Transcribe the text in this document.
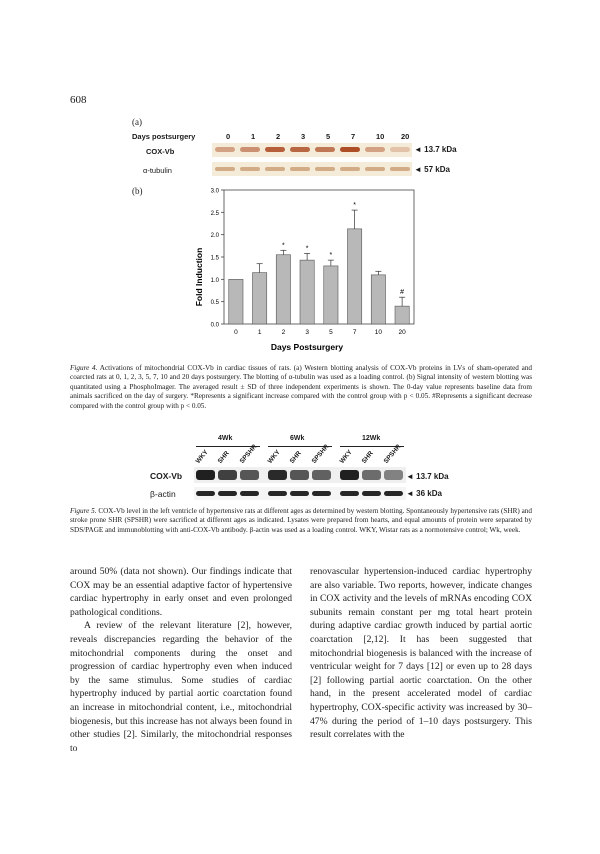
608
(a)
Days postsurgery	0	1	2	3	5	7	10 20
COX-Vb
α-tubulin
◄ 13.7 kDa
◄ 57 kDa
(b)
Fold Induction
Days Postsurgery
0.0
0.5
1.0
1.5
2.0
2.5
3.0
0	1
*
2
*
3
*
5
*
7	10
#
20
Figure 4. Activations of mitochondrial COX-Vb in cardiac tissues of rats. (a) Western blotting analysis of COX-Vb proteins in LVs of sham-operated and coarcted rats at 0, 1, 2, 3, 5, 7, 10 and 20 days postsurgery. The blotting of α-tubulin was used as a loading control. (b) Signal intensity of western blotting was quantitated using a PhosphoImager. The averaged result ± SD of three independent experiments is shown. The 0-day value represents baseline data from animals sacrificed on the day of surgery. *Represents a significant increase compared with the control group with p < 0.05. #Represents a significant decrease compared with the control group with p < 0.05.
4Wk	6Wk	12Wk
WKY SHR SPSHR WKY SHR SPSHR WKY SHR SPSHR
COX-Vb
β-actin
◄ 13.7 kDa
◄ 36 kDa
Figure 5. COX-Vb level in the left ventricle of hypertensive rats at different ages as determined by western blotting. Spontaneously hypertensive rats (SHR) and stroke prone SHR (SPSHR) were sacrificed at different ages as indicated. Lysates were prepared from hearts, and equal amounts of protein were separated by SDS/PAGE and immunoblotting with anti-COX-Vb antibody. β-actin was used as a loading control. WKY, Wistar rats as a normotensive control; Wk, week.

around 50% (data not shown). Our findings indicate that COX may be an essential adaptive factor of hypertensive cardiac hypertrophy in early onset and even prolonged pathological conditions.

A review of the relevant literature [2], however, reveals discrepancies regarding the behavior of the mitochondrial components during the onset and progression of cardiac hypertrophy even when induced by the same stimulus. Some studies of cardiac hypertrophy induced by partial aortic coarctation found an increase in mitochondrial content, i.e., mitochondrial biogenesis, but this increase has not always been found in other studies [2]. Similarly, the mitochondrial responses to

renovascular hypertension-induced cardiac hypertrophy are also variable. Two reports, however, indicate changes in COX activity and the levels of mRNAs encoding COX subunits remain constant per mg total heart protein during adaptive cardiac growth induced by partial aortic coarctation [2,12]. It has been suggested that mitochondrial biogenesis is balanced with the increase of ventricular weight for 7 days [12] or even up to 28 days [2] following partial aortic coarctation. On the other hand, in the present accelerated model of cardiac hypertrophy, COX-specific activity was increased by 30–47% during the period of 1–10 days postsurgery. This result correlates with the
